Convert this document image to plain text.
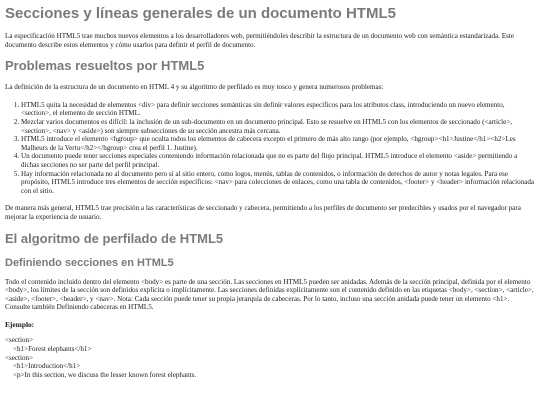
Secciones y líneas generales de un documento HTML5

La especificación HTML5 trae muchos nuevos elementos a los desarrolladores web, permitiéndoles describir la estructura de un documento web con semántica estandarizada. Este documento describe estos elementos y cómo usarlos para definir el perfil de documento.

Problemas resueltos por HTML5

La definición de la estructura de un documento en HTML 4 y su algoritmo de perfilado es muy tosco y genera numerosos problemas:

1. HTML5 quita la necesidad de elementos <div> para definir secciones semánticas sin definir valores específicos para los atributos class, introduciendo un nuevo elemento, <section>, el elemento de sección HTML.
2. Mezclar varios documentos es difícil: la inclusión de un sub-documento en un documento principal. Esto se resuelve en HTML5 con los elementos de seccionado (<article>, <section>, <nav> y <aside>) son siempre subsecciones de su sección ancestra más cercana.
3. HTML5 introduce el elemento <hgroup> que oculta todos los elementos de cabecera excepto el primero de más alto rango (por ejemplo, <hgroup><h1>Justine</h1><h2>Les Malheurs de la Vertu</h2></hgroup> crea el perfil 1. Justine).
4. Un documento puede tener secciones especiales conteniendo información relacionada que no es parte del flujo principal. HTML5 introduce el elemento <aside> permitiendo a dichas secciones no ser parte del perfil principal.
5. Hay información relacionada no al documento pero sí al sitio entero, como logos, menús, tablas de contenidos, o información de derechos de autor y notas legales. Para ese propósito, HTML5 introduce tres elementos de sección específicos: <nav> para colecciones de enlaces, como una tabla de contenidos, <footer> y <header> información relacionada con el sitio.

De manera más general, HTML5 trae precisión a las características de seccionado y cabecera, permitiendo a los perfiles de documento ser predecibles y usados por el navegador para mejorar la experiencia de usuario.

El algoritmo de perfilado de HTML5
Definiendo secciones en HTML5

Todo el contenido incluido dentro del elemento <body> es parte de una sección. Las secciones en HTML5 pueden ser anidadas. Además de la sección principal, definida por el elemento <body>, los límites de la sección son definidos explícita o implícitamente. Las secciones definidas explícitamente son el contenido definido en las etiquetas <body>, <section>, <article>, <aside>, <footer>, <header>, y <nav>. Nota: Cada sección puede tener su propia jerarquía de cabeceras. Por lo tanto, incluso una sección anidada puede tener un elemento <h1>. Consulte también Definiendo cabeceras en HTML5.

Ejemplo:

<section>
<h1>Forest elephants</h1>
<section>
<h1>Introduction</h1>
<p>In this section, we discuss the lesser known forest elephants.
